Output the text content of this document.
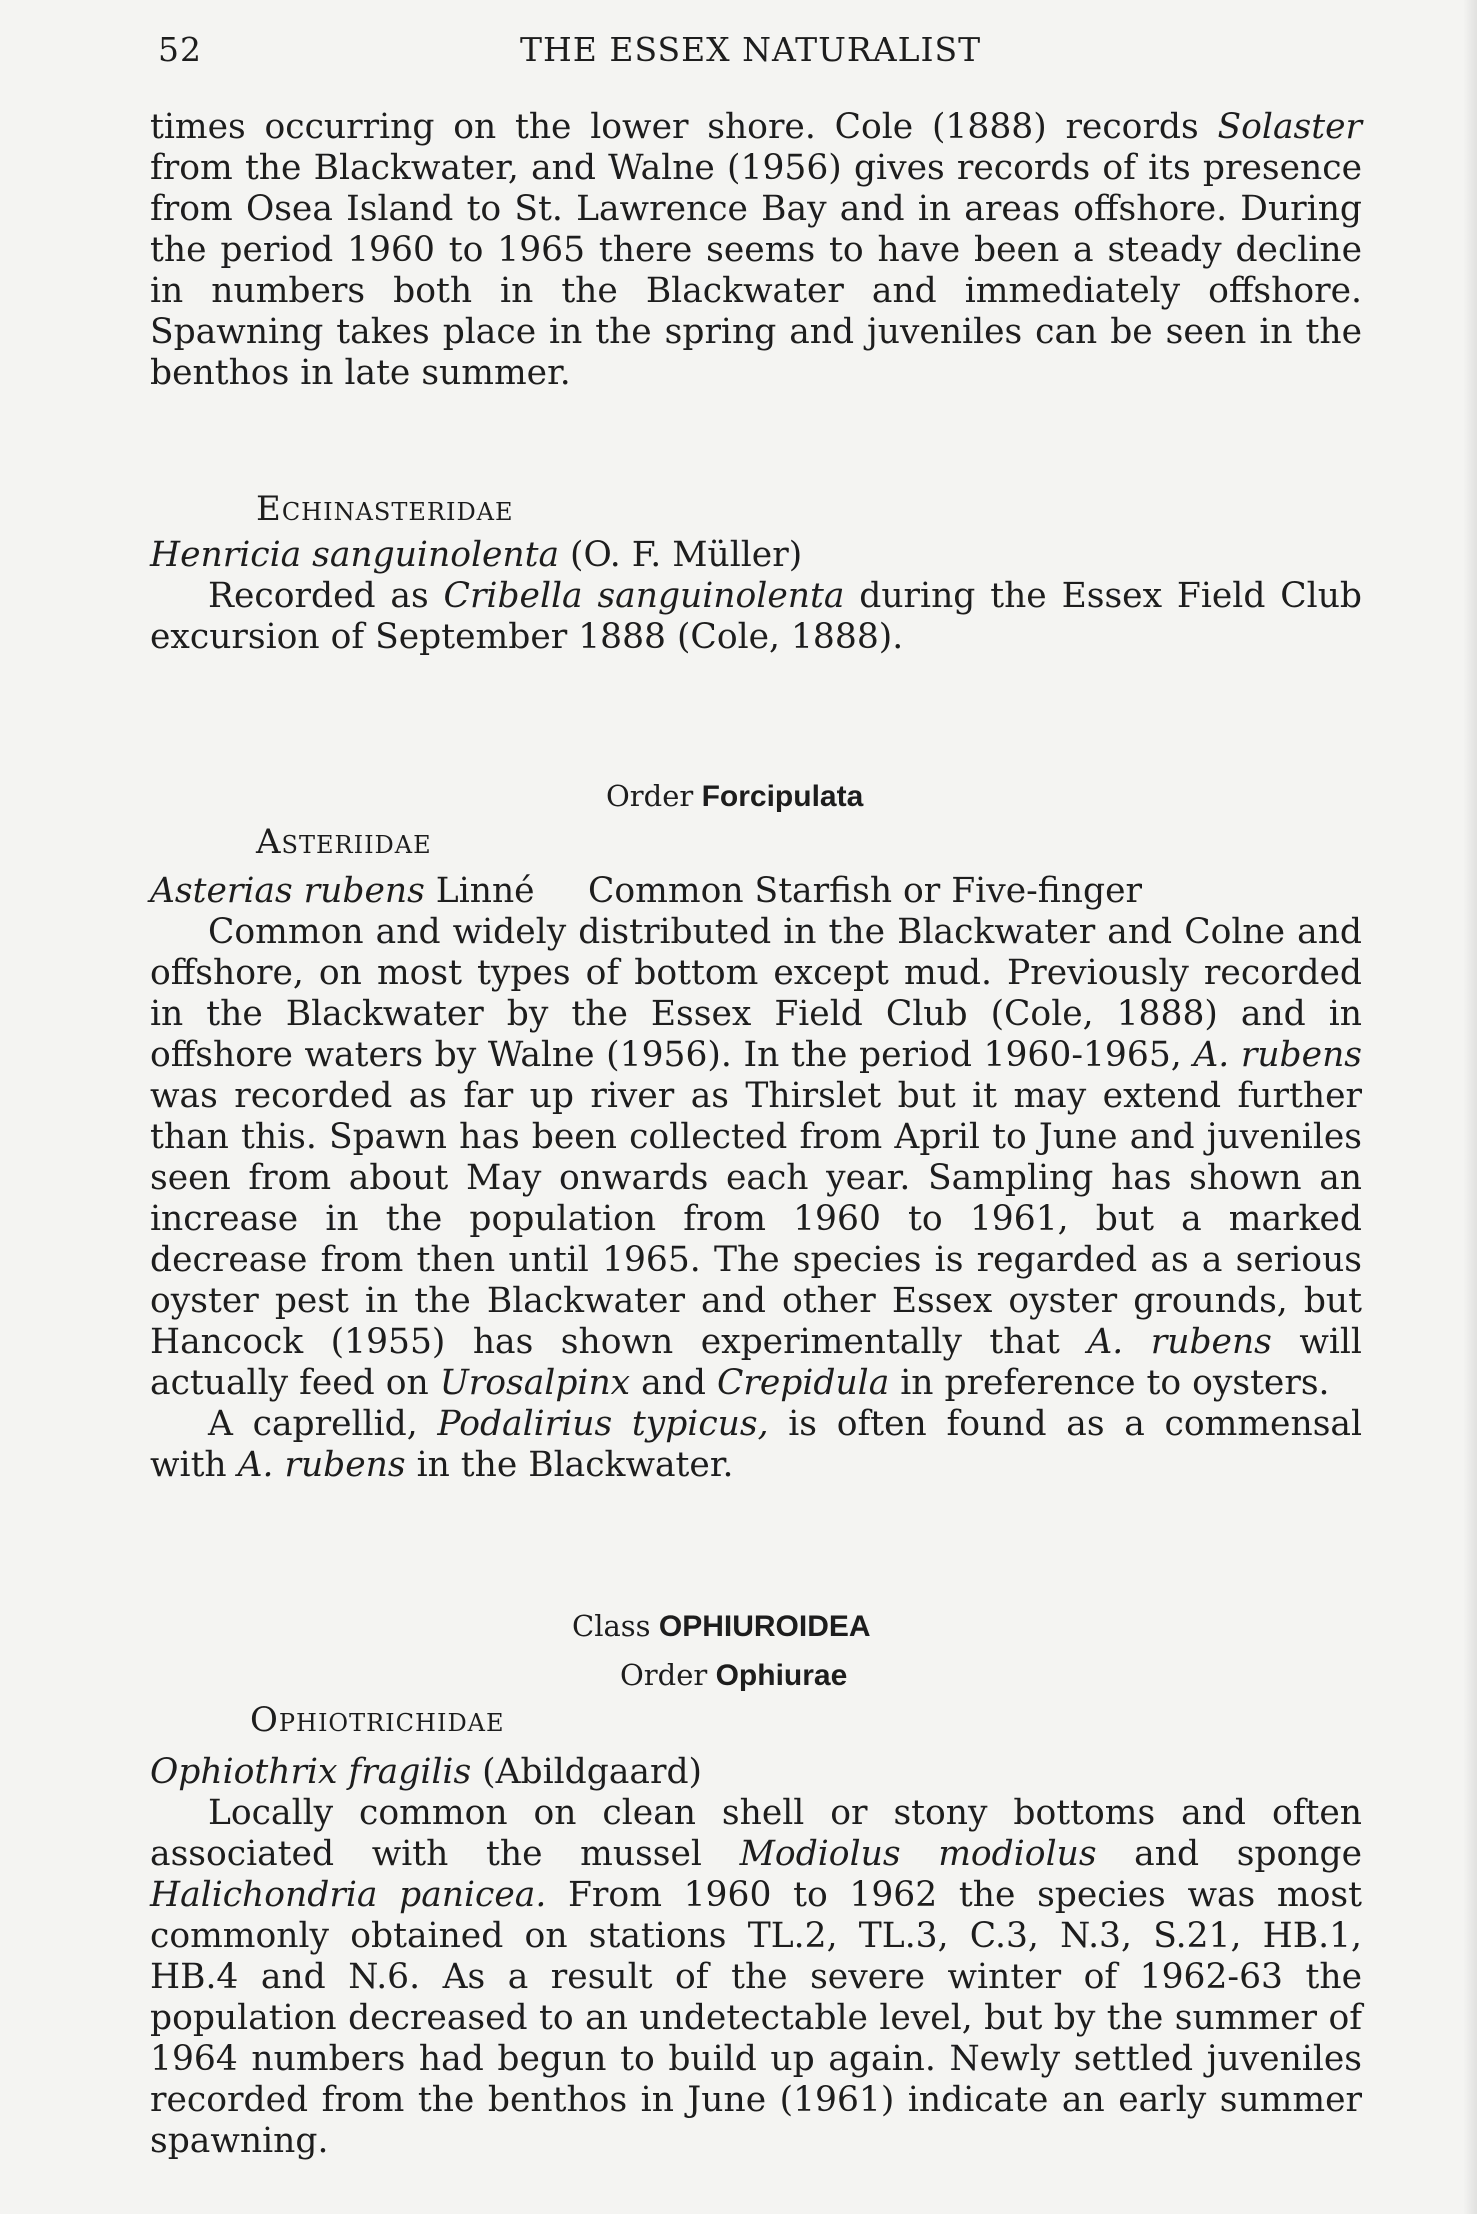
52	THE ESSEX NATURALIST

times occurring on the lower shore. Cole (1888) records Solaster from the Blackwater, and Walne (1956) gives records of its presence from Osea Island to St. Lawrence Bay and in areas offshore. During the period 1960 to 1965 there seems to have been a steady decline in numbers both in the Blackwater and immediately offshore. Spawning takes place in the spring and juveniles can be seen in the benthos in late summer.

Echinasteridae
Henricia sanguinolenta (O. F. Müller)

Recorded as Cribella sanguinolenta during the Essex Field Club excursion of September 1888 (Cole, 1888).

Order Forcipulata
Asteriidae
Asterias rubens Linné Common Starfish or Five-finger

Common and widely distributed in the Blackwater and Colne and offshore, on most types of bottom except mud. Previously recorded in the Blackwater by the Essex Field Club (Cole, 1888) and in offshore waters by Walne (1956). In the period 1960-1965, A. rubens was recorded as far up river as Thirslet but it may extend further than this. Spawn has been collected from April to June and juveniles seen from about May onwards each year. Sampling has shown an increase in the population from 1960 to 1961, but a marked decrease from then until 1965. The species is regarded as a serious oyster pest in the Blackwater and other Essex oyster grounds, but Hancock (1955) has shown experimentally that A. rubens will actually feed on Urosalpinx and Crepidula in preference to oysters.

A caprellid, Podalirius typicus, is often found as a commensal with A. rubens in the Blackwater.

Class OPHIUROIDEA
Order Ophiurae
Ophiotrichidae
Ophiothrix fragilis (Abildgaard)

Locally common on clean shell or stony bottoms and often associated with the mussel Modiolus modiolus and sponge Halichondria panicea. From 1960 to 1962 the species was most commonly obtained on stations TL.2, TL.3, C.3, N.3, S.21, HB.1, HB.4 and N.6. As a result of the severe winter of 1962-63 the population decreased to an undetectable level, but by the summer of 1964 numbers had begun to build up again. Newly settled juveniles recorded from the benthos in June (1961) indicate an early summer spawning.
